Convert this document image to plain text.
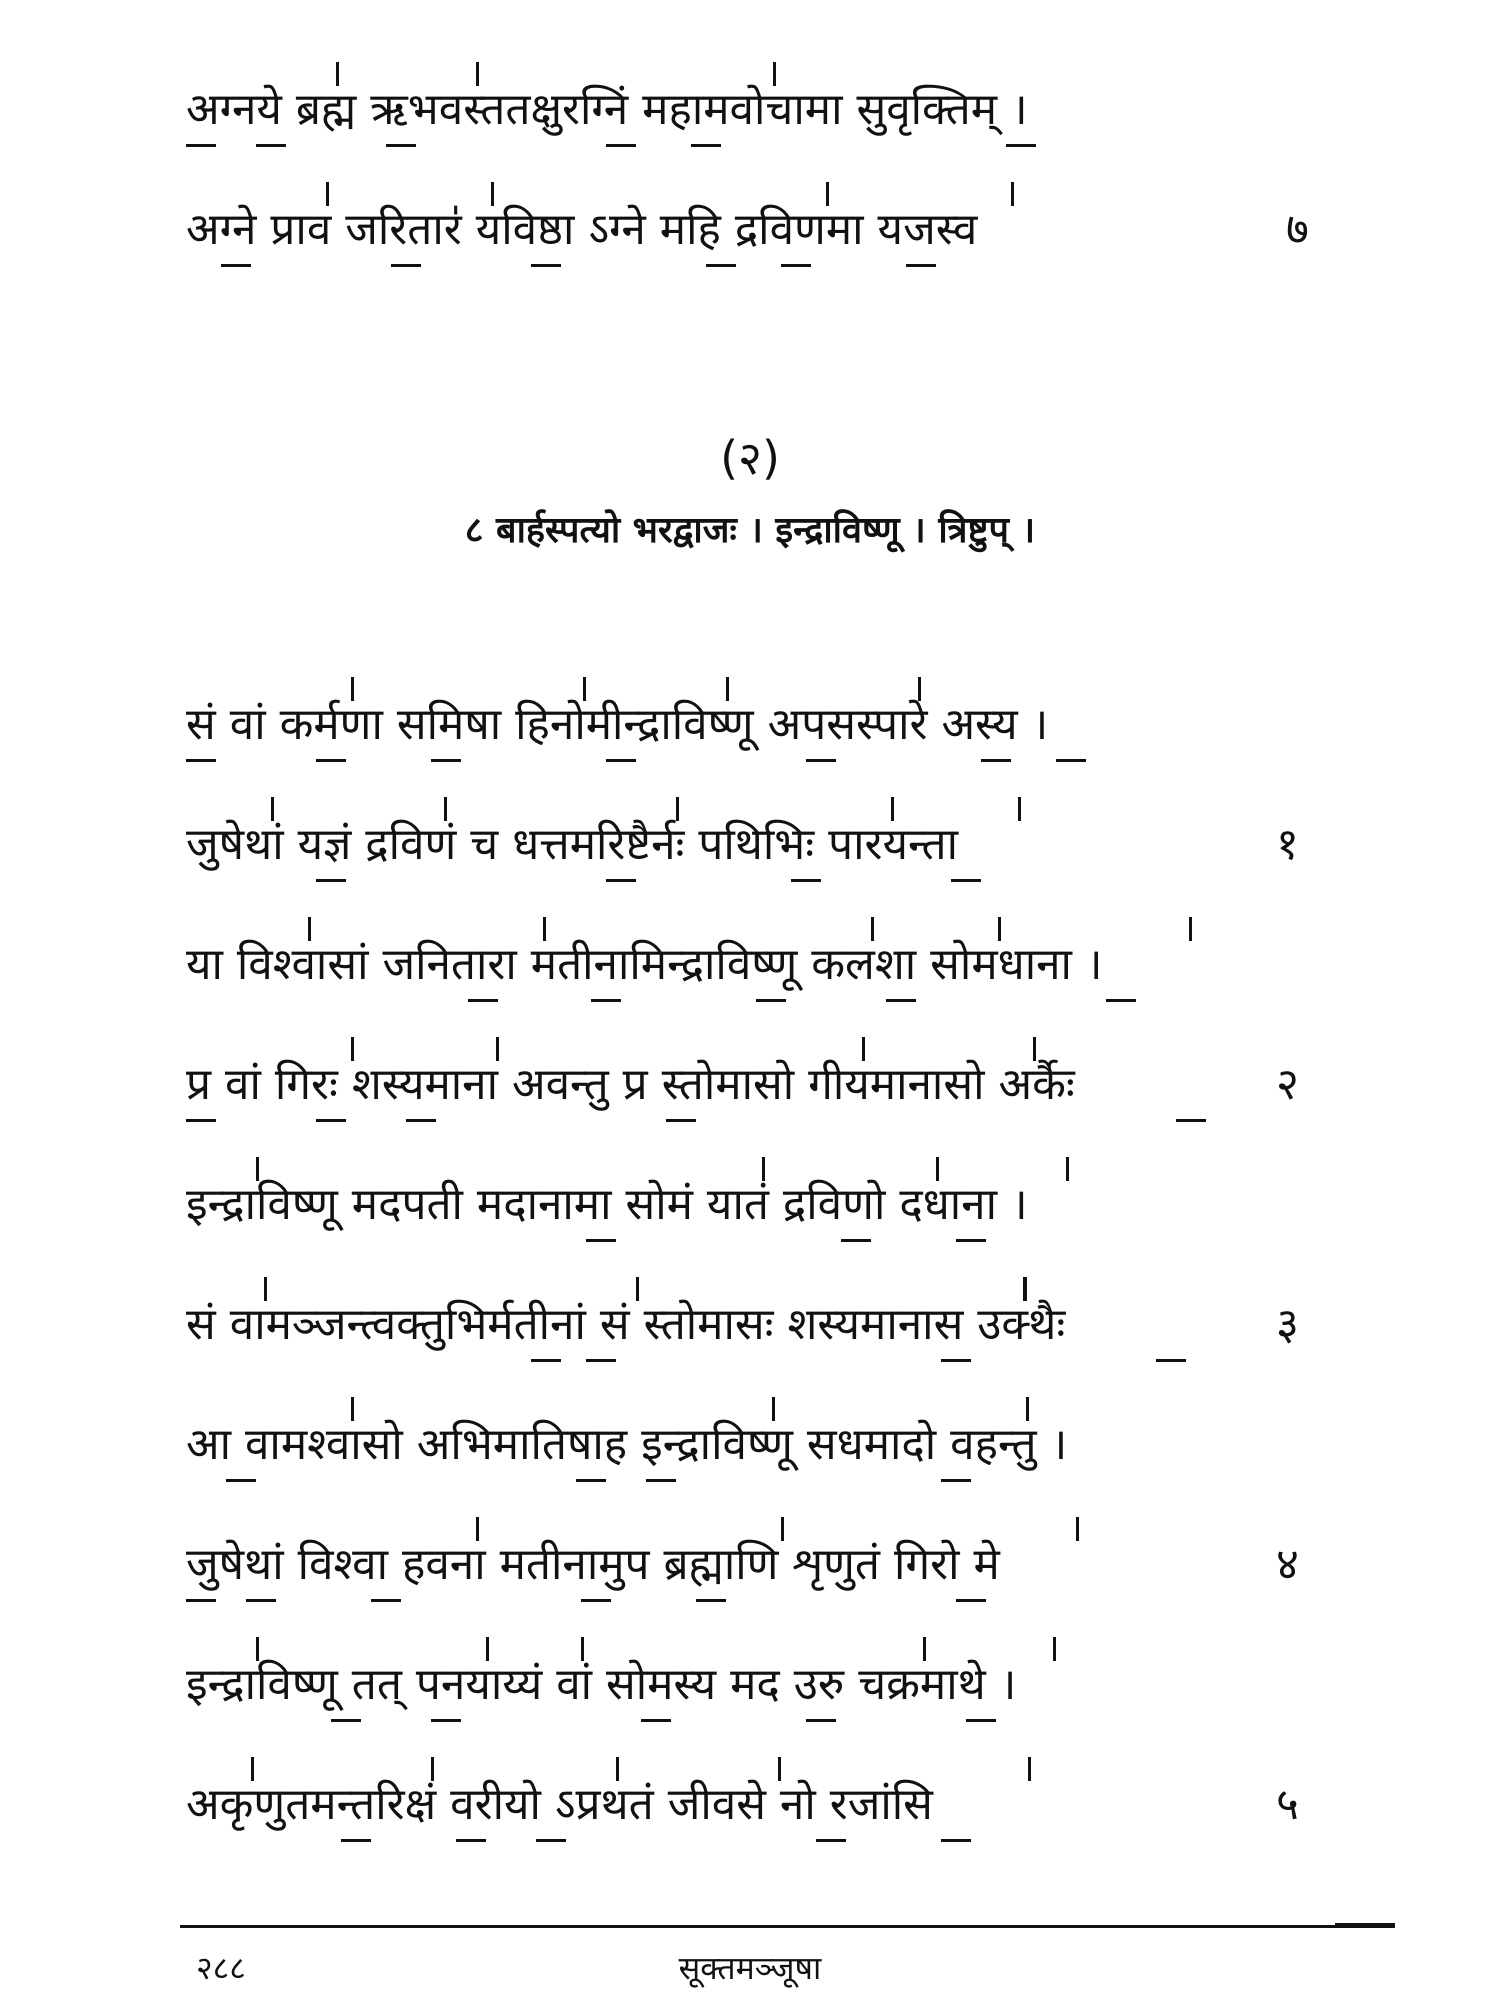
अग्नये ब्रह्म ऋभवस्ततक्षुरग्निं महामवोचामा सुवृक्तिम् ।
अग्ने प्राव जरितार॑ यविष्ठा ऽग्ने महि द्रविणमा यजस्व	७
(२)
८ बार्हस्पत्यो भरद्वाजः । इन्द्राविष्णू । त्रिष्टुप् ।
सं वां कर्मणा समिषा हिनोमीन्द्राविष्णू अपसस्पारे अस्य ।
जुषेथां यज्ञं द्रविणं च धत्तमरिष्टैर्नः पथिभिः पारयन्ता	१
या विश्वासां जनितारा मतीनामिन्द्राविष्णू कलशा सोमधाना ।
प्र वां गिरः शस्यमाना अवन्तु प्र स्तोमासो गीयमानासो अर्कैः	२
इन्द्राविष्णू मदपती मदानामा सोमं यातं द्रविणो दधाना ।
सं वामञ्जन्त्वक्तुभिर्मतीनां सं स्तोमासः शस्यमानास उक्थैः	३
आ वामश्वासो अभिमातिषाह इन्द्राविष्णू सधमादो वहन्तु ।
जुषेथां विश्वा हवना मतीनामुप ब्रह्माणि शृणुतं गिरो मे	४
इन्द्राविष्णू तत् पनयाय्यं वां सोमस्य मद उरु चक्रमाथे ।
अकृणुतमन्तरिक्षं वरीयो ऽप्रथतं जीवसे नो रजांसि	५
२८८	सूक्तमञ्जूषा
